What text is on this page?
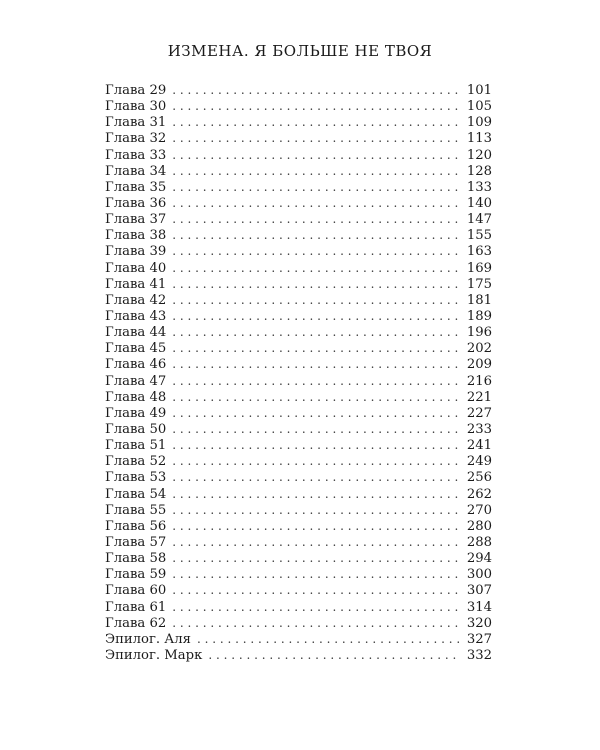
ИЗМЕНА. Я БОЛЬШЕ НЕ ТВОЯ
Глава 29 . . .	101
Глава 30 . . .	105
Глава 31 . . .	109
Глава 32 . . .	113
Глава 33 . . .	120
Глава 34 . . .	128
Глава 35 . . .	133
Глава 36 . . .	140
Глава 37 . . .	147
Глава 38 . . .	155
Глава 39 . . .	163
Глава 40 . . .	169
Глава 41 . . .	175
Глава 42 . . .	181
Глава 43 . . .	189
Глава 44 . . .	196
Глава 45 . . .	202
Глава 46 . . .	209
Глава 47 . . .	216
Глава 48 . . .	221
Глава 49 . . .	227
Глава 50 . . .	233
Глава 51 . . .	241
Глава 52 . . .	249
Глава 53 . . .	256
Глава 54 . . .	262
Глава 55 . . .	270
Глава 56 . . .	280
Глава 57 . . .	288
Глава 58 . . .	294
Глава 59 . . .	300
Глава 60 . . .	307
Глава 61 . . .	314
Глава 62 . . .	320
Эпилог. Аля . . .	327
Эпилог. Марк . . .	332
